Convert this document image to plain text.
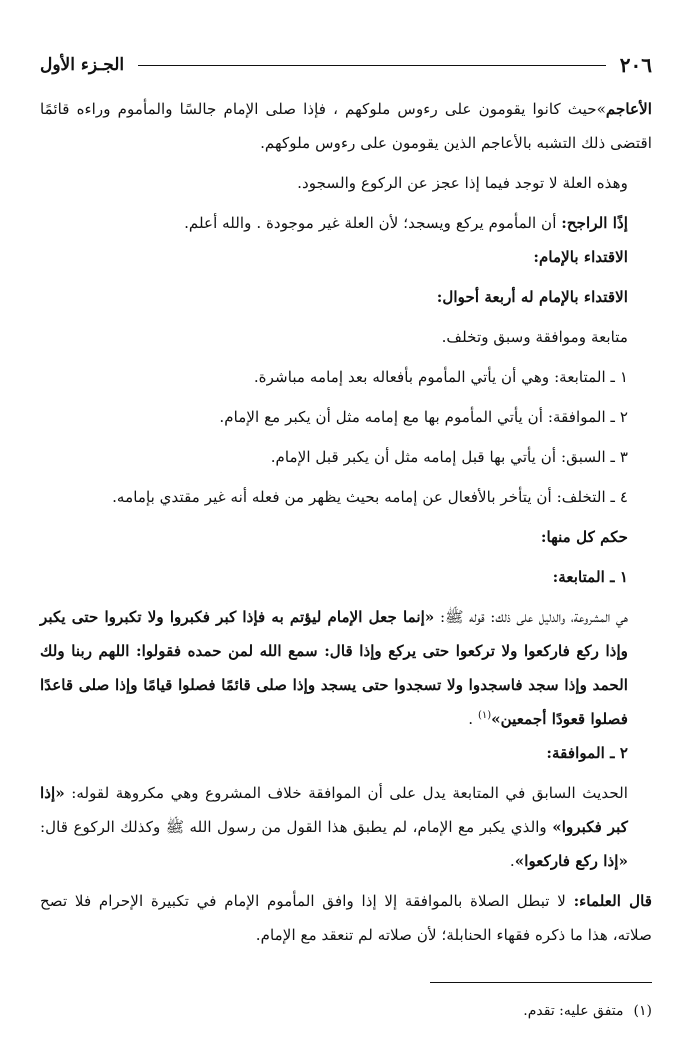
٢٠٦
الجـزء الأول

الأعاجم»حيث كانوا يقومون على رءوس ملوكهم ، فإذا صلى الإمام جالسًا والمأموم وراءه قائمًا اقتضى ذلك التشبه بالأعاجم الذين يقومون على رءوس ملوكهم.

وهذه العلة لا توجد فيما إذا عجز عن الركوع والسجود.

إذًا الراجح: أن المأموم يركع ويسجد؛ لأن العلة غير موجودة . والله أعلم.

الاقتداء بالإمام:

الاقتداء بالإمام له أربعة أحوال:

متابعة وموافقة وسبق وتخلف.

١ ـ المتابعة: وهي أن يأتي المأموم بأفعاله بعد إمامه مباشرة.

٢ ـ الموافقة: أن يأتي المأموم بها مع إمامه مثل أن يكبر مع الإمام.

٣ ـ السبق: أن يأتي بها قبل إمامه مثل أن يكبر قبل الإمام.

٤ ـ التخلف: أن يتأخر بالأفعال عن إمامه بحيث يظهر من فعله أنه غير مقتدي بإمامه.

حكم كل منها:

١ ـ المتابعة:

هي المشروعة، والدليل على ذلك: قوله ﷺ: «إنما جعل الإمام ليؤتم به فإذا كبر فكبروا ولا تكبروا حتى يكبر وإذا ركع فاركعوا ولا تركعوا حتى يركع وإذا قال: سمع الله لمن حمده فقولوا: اللهم ربنا ولك الحمد وإذا سجد فاسجدوا ولا تسجدوا حتى يسجد وإذا صلى قائمًا فصلوا قيامًا وإذا صلى قاعدًا فصلوا قعودًا أجمعين»$^{(١)}$ .

٢ ـ الموافقة:

الحديث السابق في المتابعة يدل على أن الموافقة خلاف المشروع وهي مكروهة لقوله: «إذا كبر فكبروا» والذي يكبر مع الإمام، لم يطبق هذا القول من رسول الله ﷺ وكذلك الركوع قال: «إذا ركع فاركعوا».

قال العلماء: لا تبطل الصلاة بالموافقة إلا إذا وافق المأموم الإمام في تكبيرة الإحرام فلا تصح صلاته، هذا ما ذكره فقهاء الحنابلة؛ لأن صلاته لم تنعقد مع الإمام.

(١)متفق عليه: تقدم.
